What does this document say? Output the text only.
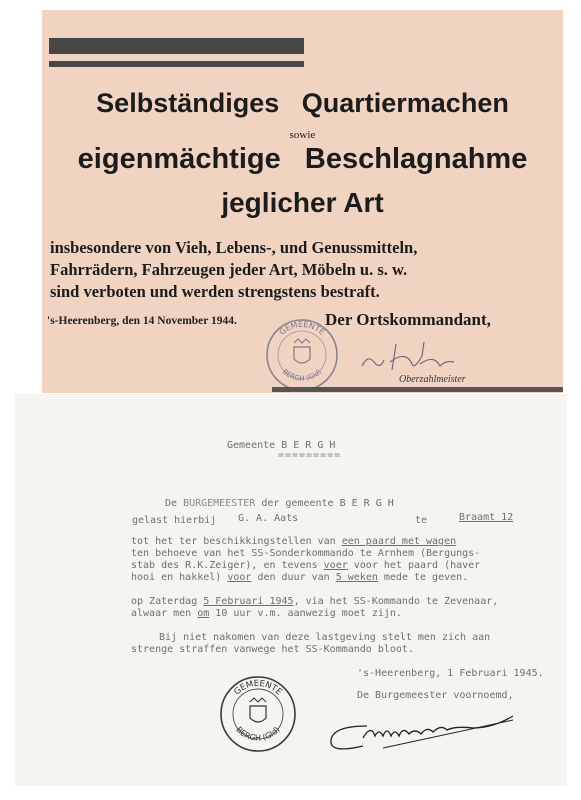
Selbständiges Quartiermachen
sowie
eigenmächtige Beschlagnahme
jeglicher Art
insbesondere von Vieh, Lebens-, und Genussmitteln,
Fahrrädern, Fahrzeugen jeder Art, Möbeln u. s. w.
sind verboten und werden strengstens bestraft.
's-Heerenberg, den 14 November 1944.	Der Ortskommandant,
GEMEENTE
BERGH (Gld)
Oberzahlmeister
Gemeente B E R G H
=========
De BURGEMEESTER der gemeente B E R G H
gelast hierbij G. A. Aats	te	Braamt 12
tot het ter beschikkingstellen van een paard met wagen
ten behoeve van het SS-Sonderkommando te Arnhem (Bergungs-
stab des R.K.Zeiger), en tevens voer voor het paard (haver
hooi en hakkel) voor den duur van 5 weken mede te geven.
op Zaterdag 5 Februari 1945, via het SS-Kommando te Zevenaar,
alwaar men om 10 uur v.m. aanwezig moet zijn.
Bij niet nakomen van deze lastgeving stelt men zich aan
strenge straffen vanwege het SS-Kommando bloot.
's-Heerenberg, 1 Februari 1945.
De Burgemeester voornoemd,
GEMEENTE
BERGH (Gld)
